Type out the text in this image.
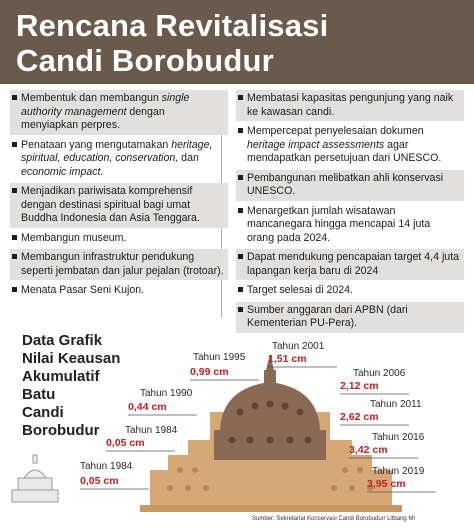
Rencana Revitalisasi
Candi Borobudur
Membentuk dan membangun single authority management dengan menyiapkan perpres.
Penataan yang mengutamakan heritage, spiritual, education, conservation, dan economic impact.
Menjadikan pariwisata komprehensif dengan destinasi spiritual bagi umat Buddha Indonesia dan Asia Tenggara.
Membangun museum.
Membangun infrastruktur pendukung seperti jembatan dan jalur pejalan (trotoar).
Menata Pasar Seni Kujon.
Membatasi kapasitas pengunjung yang naik ke kawasan candi.
Mempercepat penyelesaian dokumen heritage impact assessments agar mendapatkan persetujuan dari UNESCO.
Pembangunan melibatkan ahli konservasi UNESCO.
Menargetkan jumlah wisatawan mancanegara hingga mencapai 14 juta orang pada 2024.
Dapat mendukung pencapaian target 4,4 juta lapangan kerja baru di 2024
Target selesai di 2024.
Sumber anggaran dari APBN (dari Kementerian PU-Pera).
Data Grafik
Nilai Keausan
Akumulatif
Batu
Candi
Borobudur
Tahun 1984
0,05 cm
Tahun 1984
0,05 cm
Tahun 1990
0,44 cm
Tahun 1995
0,99 cm
Tahun 2001
1,51 cm
Tahun 2006
2,12 cm
Tahun 2011
2,62 cm
Tahun 2016
3,42 cm
Tahun 2019
3,95 cm
Sumber: Sekretariat Konservasi Candi Borobudur/ Litbang MI
